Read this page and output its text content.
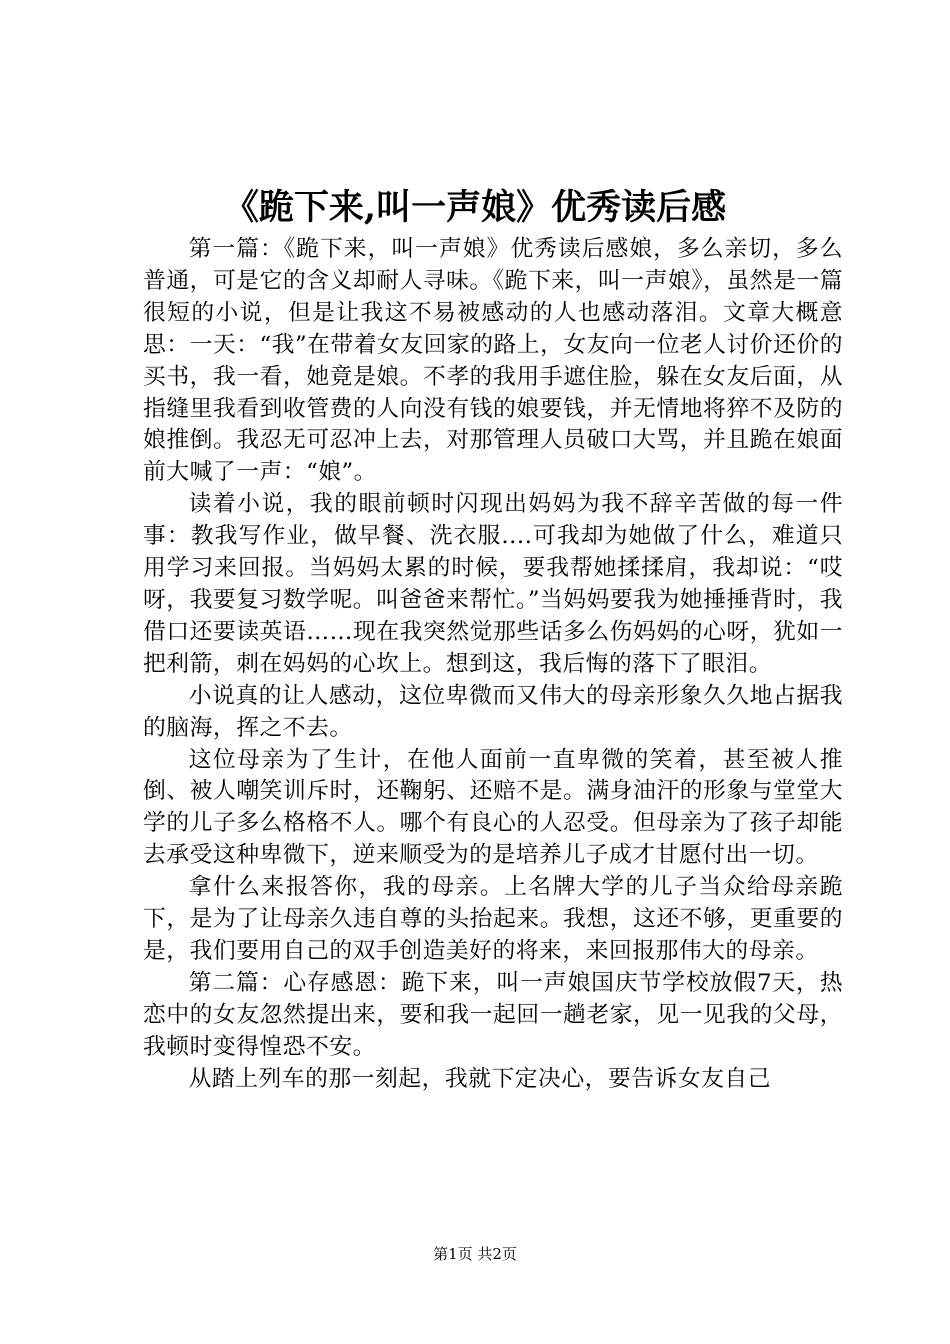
《跪下来,叫一声娘》优秀读后感

第一篇：《跪下来，叫一声娘》优秀读后感娘，多么亲切，多么普通，可是它的含义却耐人寻味。《跪下来，叫一声娘》，虽然是一篇很短的小说，但是让我这不易被感动的人也感动落泪。文章大概意思：一天：“我”在带着女友回家的路上，女友向一位老人讨价还价的买书，我一看，她竟是娘。不孝的我用手遮住脸，躲在女友后面，从指缝里我看到收管费的人向没有钱的娘要钱，并无情地将猝不及防的娘推倒。我忍无可忍冲上去，对那管理人员破口大骂，并且跪在娘面前大喊了一声：“娘”。

读着小说，我的眼前顿时闪现出妈妈为我不辞辛苦做的每一件事：教我写作业，做早餐、洗衣服....可我却为她做了什么，难道只用学习来回报。当妈妈太累的时候，要我帮她揉揉肩，我却说：“哎呀，我要复习数学呢。叫爸爸来帮忙。”当妈妈要我为她捶捶背时，我借口还要读英语……现在我突然觉那些话多么伤妈妈的心呀，犹如一把利箭，刺在妈妈的心坎上。想到这，我后悔的落下了眼泪。

小说真的让人感动，这位卑微而又伟大的母亲形象久久地占据我的脑海，挥之不去。

这位母亲为了生计，在他人面前一直卑微的笑着，甚至被人推倒、被人嘲笑训斥时，还鞠躬、还赔不是。满身油汗的形象与堂堂大学的儿子多么格格不人。哪个有良心的人忍受。但母亲为了孩子却能去承受这种卑微下，逆来顺受为的是培养儿子成才甘愿付出一切。

拿什么来报答你，我的母亲。上名牌大学的儿子当众给母亲跪下，是为了让母亲久违自尊的头抬起来。我想，这还不够，更重要的是，我们要用自己的双手创造美好的将来，来回报那伟大的母亲。

第二篇：心存感恩：跪下来，叫一声娘国庆节学校放假7天，热恋中的女友忽然提出来，要和我一起回一趟老家，见一见我的父母，我顿时变得惶恐不安。

从踏上列车的那一刻起，我就下定决心，要告诉女友自己

第1页 共2页
